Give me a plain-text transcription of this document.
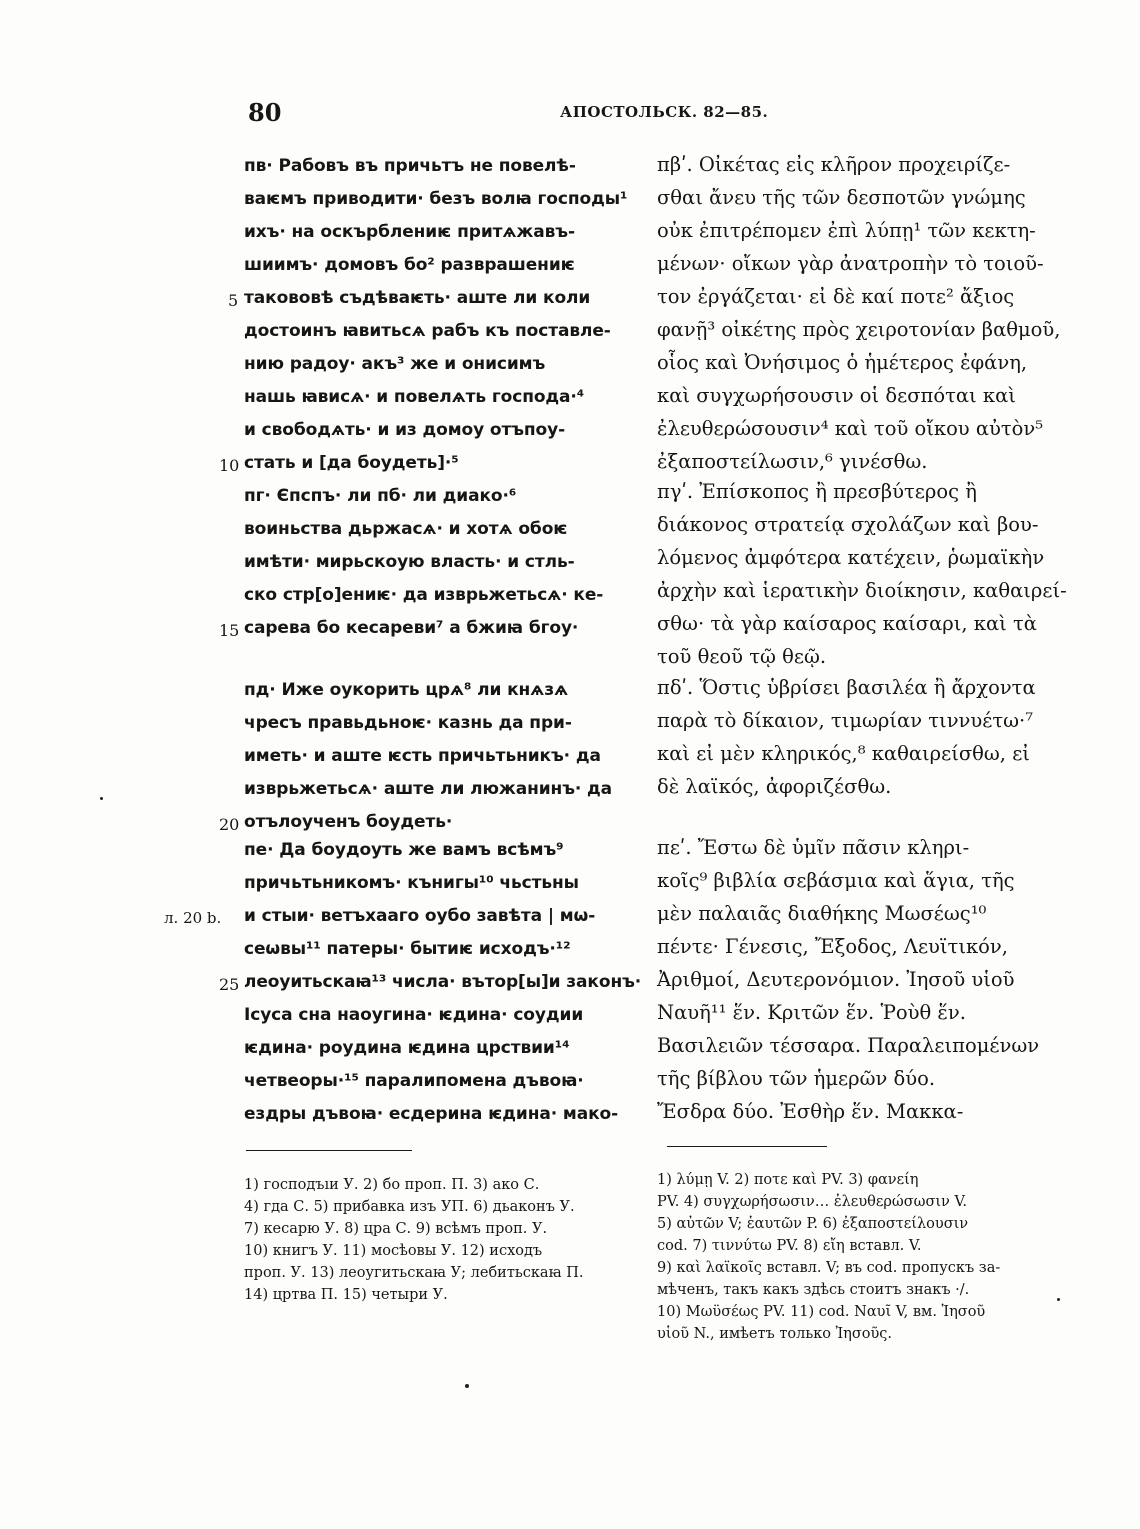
80	АПОСТОЛЬСК. 82—85.
пв· Рабовъ въ причьтъ не повелѣ-
ваѥмъ приводити· безъ волꙗ господы¹
ихъ· на оскърблениѥ притѧжавъ-
шиимъ· домовъ бо² разврашениѥ
такововѣ съдѣваѥть· аште ли коли
достоинъ ꙗвитьсѧ рабъ къ поставле-
нию радоу· акъ³ же и онисимъ
нашь ꙗвисѧ· и повелѧть господа·⁴
и свободѧть· и из домоу отъпоу-
стать и [да боудеть]·⁵
пг· Єпспъ· ли пб· ли диако·⁶
воиньства дьржасѧ· и хотѧ обоѥ
имѣти· мирьскоую власть· и стль-
ско стр[о]ениѥ· да изврьжетьсѧ· ке-
сарева бо кесареви⁷ а бжиꙗ бгоу·
пд· Иже оукорить црѧ⁸ ли кнѧзѧ
чресъ правьдьноѥ· казнь да при-
иметь· и аште ѥсть причьтьникъ· да
изврьжетьсѧ· аште ли люжанинъ· да
отълоученъ боудеть·
пе· Да боудоуть же вамъ всѣмъ⁹
причьтьникомъ· кънигы¹⁰ чьстьны
и стыи· ветъхааго оубо завѣта | мѡ-
сеѡвы¹¹ патеры· бытиѥ исходъ·¹²
леоуитьскаꙗ¹³ числа· вътор[ы]и законъ·
Ісуса сна наоугина· ѥдина· соудии
ѥдина· роудина ѥдина црствии¹⁴
четвеоры·¹⁵ паралипомена дъвоꙗ·
ездры дъвоꙗ· есдерина ѥдина· мако-
5
10
15
20
25
л. 20 b.
πβʹ. Οἰκέτας εἰς κλῆρον προχειρίζε-
σθαι ἄνευ τῆς τῶν δεσποτῶν γνώμης
οὐκ ἐπιτρέπομεν ἐπὶ λύπῃ¹ τῶν κεκτη-
μένων· οἴκων γὰρ ἀνατροπὴν τὸ τοιοῦ-
τον ἐργάζεται· εἰ δὲ καί ποτε² ἄξιος
φανῇ³ οἰκέτης πρὸς χειροτονίαν βαθμοῦ,
οἷος καὶ Ὀνήσιμος ὁ ἡμέτερος ἐφάνη,
καὶ συγχωρήσουσιν οἱ δεσπόται καὶ
ἐλευθερώσουσιν⁴ καὶ τοῦ οἴκου αὐτὸν⁵
ἐξαποστείλωσιν,⁶ γινέσθω.
πγʹ. Ἐπίσκοπος ἢ πρεσβύτερος ἢ
διάκονος στρατείᾳ σχολάζων καὶ βου-
λόμενος ἀμφότερα κατέχειν, ῥωμαϊκὴν
ἀρχὴν καὶ ἱερατικὴν διοίκησιν, καθαιρεί-
σθω· τὰ γὰρ καίσαρος καίσαρι, καὶ τὰ
τοῦ θεοῦ τῷ θεῷ.
πδʹ. Ὅστις ὑβρίσει βασιλέα ἢ ἄρχοντα
παρὰ τὸ δίκαιον, τιμωρίαν τιννυέτω·⁷
καὶ εἰ μὲν κληρικός,⁸ καθαιρείσθω, εἰ
δὲ λαϊκός, ἀφοριζέσθω.
πεʹ. Ἔστω δὲ ὑμῖν πᾶσιν κληρι-
κοῖς⁹ βιβλία σεβάσμια καὶ ἅγια, τῆς
μὲν παλαιᾶς διαθήκης Μωσέως¹⁰
πέντε· Γένεσις, Ἔξοδος, Λευϊτικόν,
Ἀριθμοί, Δευτερονόμιον. Ἰησοῦ υἱοῦ
Ναυῆ¹¹ ἕν. Κριτῶν ἕν. Ῥοὺθ ἕν.
Βασιλειῶν τέσσαρα. Παραλειπομένων
τῆς βίβλου τῶν ἡμερῶν δύο.
Ἔσδρα δύο. Ἐσθὴρ ἕν. Μακκα-
1) господъıи У. 2) бо проп. П. 3) ако С.
4) гда С. 5) прибавка изъ УП. 6) дьаконъ У.
7) кесарю У. 8) цра С. 9) всѣмъ проп. У.
10) книгъ У. 11) мосѣовы У. 12) исходъ
проп. У. 13) леоугитьскаꙗ У; лебитьскаꙗ П.
14) цртва П. 15) четыри У.
1) λύμῃ V. 2) ποτε καὶ PV. 3) φανείη
PV. 4) συγχωρήσωσιν… ἐλευθερώσωσιν V.
5) αὐτῶν V; ἑαυτῶν P. 6) ἐξαποστείλουσιν
cod. 7) τιννύτω PV. 8) εἴη вставл. V.
9) καὶ λαϊκοῖς вставл. V; въ cod. пропускъ за-
мѣченъ, такъ какъ здѣсь стоитъ знакъ ·/.
10) Μωϋσέως PV. 11) cod. Ναυῖ V, вм. Ἰησοῦ
υἱοῦ N., имѣетъ только Ἰησοῦς.
